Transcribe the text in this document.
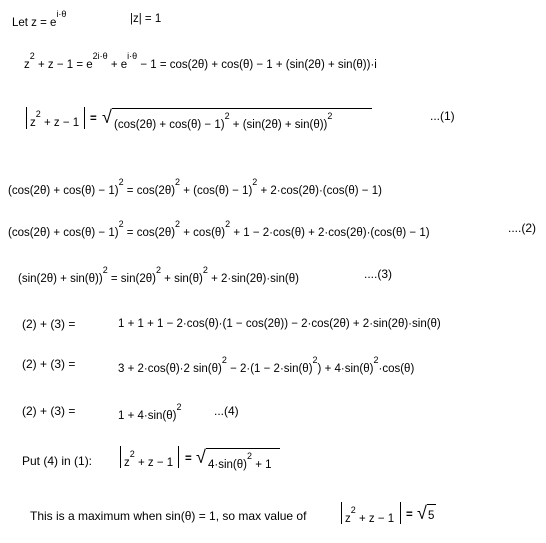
Let $z = e^{i\cdot\theta}$	|z| = 1
$z^2 + z - 1 = e^{2i\cdot\theta} + e^{i\cdot\theta} - 1 = \cos(2\theta) + \cos(\theta) - 1 + (\sin(2\theta) + \sin(\theta))\cdot i$
$z^2 + z - 1$ = √ $(\cos(2\theta) + \cos(\theta) - 1)^2 + (\sin(2\theta) + \sin(\theta))^2$	...(1)
$(\cos(2\theta) + \cos(\theta) - 1)^2 = \cos(2\theta)^2 + (\cos(\theta) - 1)^2 + 2\cdot\cos(2\theta)\cdot(\cos(\theta) - 1)$
$(\cos(2\theta) + \cos(\theta) - 1)^2 = \cos(2\theta)^2 + \cos(\theta)^2 + 1 - 2\cdot\cos(\theta) + 2\cdot\cos(2\theta)\cdot(\cos(\theta) - 1)$	....(2)
$(\sin(2\theta) + \sin(\theta))^2 = \sin(2\theta)^2 + \sin(\theta)^2 + 2\cdot\sin(2\theta)\cdot\sin(\theta)$	....(3)
(2) + (3) =	1 + 1 + 1 − 2·cos(θ)·(1 − cos(2θ)) − 2·cos(2θ) + 2·sin(2θ)·sin(θ)
(2) + (3) =	3 + 2·cos(θ)·2 $\sin(\theta)^2 - 2\cdot(1 - 2\cdot\sin(\theta)^2) + 4\cdot\sin(\theta)^2\cdot\cos(\theta)$
(2) + (3) =	$1 + 4\cdot\sin(\theta)^2$	...(4)
Put (4) in (1):	$z^2 + z - 1$ = √ $4\cdot\sin(\theta)^2 + 1$
This is a maximum when sin(θ) = 1, so max value of	$z^2 + z - 1$ = √ 5
